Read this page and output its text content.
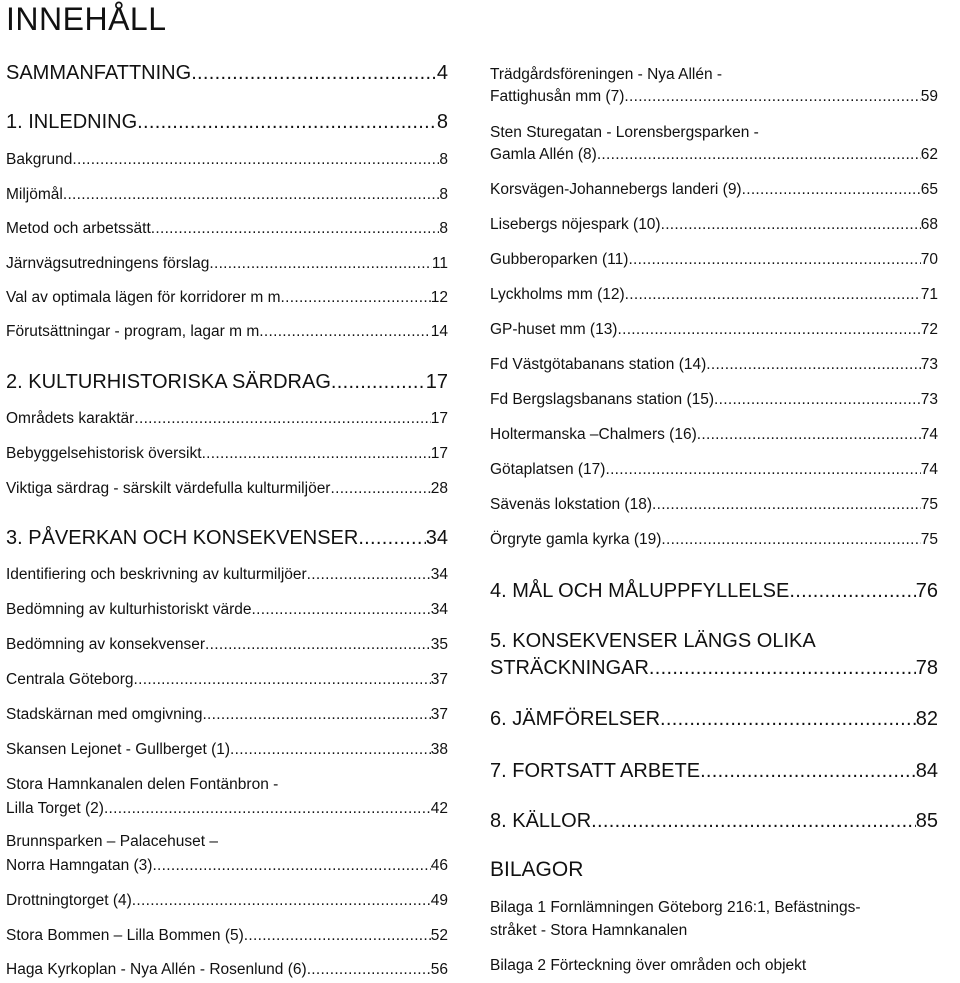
INNEHÅLL
SAMMANFATTNING .....	4
1. INLEDNING .....	8
Bakgrund .....	8
Miljömål .....	8
Metod och arbetssätt .....	8
Järnvägsutredningens förslag .....	11
Val av optimala lägen för korridorer m m .....	12
Förutsättningar - program, lagar m m .....	14
2. KULTURHISTORISKA SÄRDRAG .....	17
Områdets karaktär .....	17
Bebyggelsehistorisk översikt .....	17
Viktiga särdrag - särskilt värdefulla kulturmiljöer .....	28
3. PÅVERKAN OCH KONSEKVENSER .....	34
Identifiering och beskrivning av kulturmiljöer .....	34
Bedömning av kulturhistoriskt värde .....	34
Bedömning av konsekvenser .....	35
Centrala Göteborg .....	37
Stadskärnan med omgivning .....	37
Skansen Lejonet - Gullberget (1) .....	38
Stora Hamnkanalen delen Fontänbron -
Lilla Torget (2) .....	42
Brunnsparken – Palacehuset –
Norra Hamngatan (3) .....	46
Drottningtorget (4) .....	49
Stora Bommen – Lilla Bommen (5) .....	52
Haga Kyrkoplan - Nya Allén - Rosenlund (6) .....	56
Trädgårdsföreningen - Nya Allén -
Fattighusån mm (7) .....	59
Sten Sturegatan - Lorensbergsparken -
Gamla Allén (8) .....	62
Korsvägen-Johannebergs landeri (9) .....	65
Lisebergs nöjespark (10) .....	68
Gubberoparken (11) .....	70
Lyckholms mm (12) .....	71
GP-huset mm (13) .....	72
Fd Västgötabanans station (14) .....	73
Fd Bergslagsbanans station (15) .....	73
Holtermanska –Chalmers (16) .....	74
Götaplatsen (17) .....	74
Sävenäs lokstation (18) .....	75
Örgryte gamla kyrka (19) .....	75
4. MÅL OCH MÅLUPPFYLLELSE .....	76
5. KONSEKVENSER LÄNGS OLIKA
STRÄCKNINGAR .....	78
6. JÄMFÖRELSER .....	82
7. FORTSATT ARBETE .....	84
8. KÄLLOR .....	85
BILAGOR
Bilaga 1 Fornlämningen Göteborg 216:1, Befästnings-
stråket - Stora Hamnkanalen
Bilaga 2 Förteckning över områden och objekt
